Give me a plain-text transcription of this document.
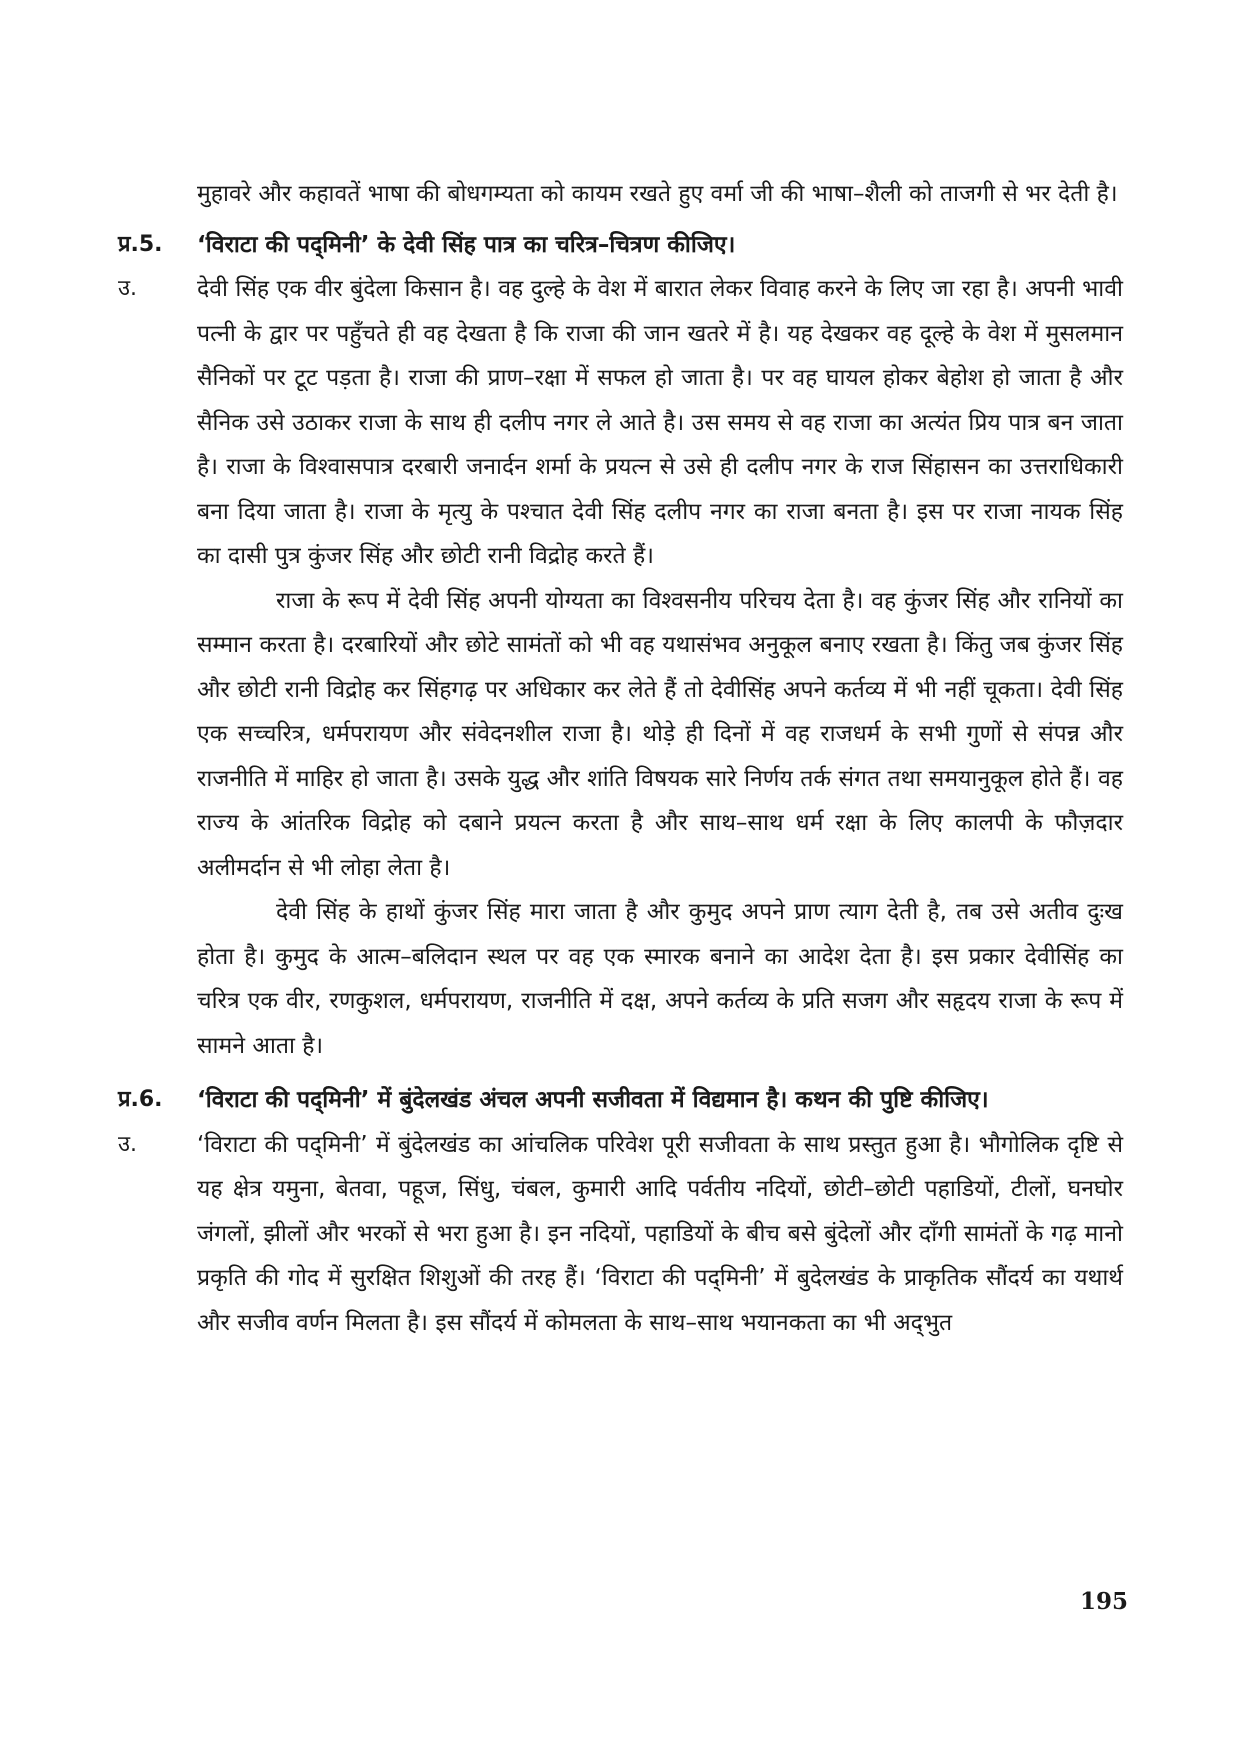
मुहावरे और कहावतें भाषा की बोधगम्यता को कायम रखते हुए वर्मा जी की भाषा–शैली को ताजगी से भर देती है।

प्र.5.	‘विराटा की पद्‌मिनी’ के देवी सिंह पात्र का चरित्र–चित्रण कीजिए।

उ.	देवी सिंह एक वीर बुंदेला किसान है। वह दुल्हे के वेश में बारात लेकर विवाह करने के लिए जा रहा है। अपनी भावी पत्नी के द्वार पर पहुँचते ही वह देखता है कि राजा की जान खतरे में है। यह देखकर वह दूल्हे के वेश में मुसलमान सैनिकों पर टूट पड़ता है। राजा की प्राण–रक्षा में सफल हो जाता है। पर वह घायल होकर बेहोश हो जाता है और सैनिक उसे उठाकर राजा के साथ ही दलीप नगर ले आते है। उस समय से वह राजा का अत्यंत प्रिय पात्र बन जाता है। राजा के विश्वासपात्र दरबारी जनार्दन शर्मा के प्रयत्न से उसे ही दलीप नगर के राज सिंहासन का उत्तराधिकारी बना दिया जाता है। राजा के मृत्यु के पश्चात देवी सिंह दलीप नगर का राजा बनता है। इस पर राजा नायक सिंह का दासी पुत्र कुंजर सिंह और छोटी रानी विद्रोह करते हैं।

राजा के रूप में देवी सिंह अपनी योग्यता का विश्वसनीय परिचय देता है। वह कुंजर सिंह और रानियों का सम्मान करता है। दरबारियों और छोटे सामंतों को भी वह यथासंभव अनुकूल बनाए रखता है। किंतु जब कुंजर सिंह और छोटी रानी विद्रोह कर सिंहगढ़ पर अधिकार कर लेते हैं तो देवीसिंह अपने कर्तव्य में भी नहीं चूकता। देवी सिंह एक सच्चरित्र, धर्मपरायण और संवेदनशील राजा है। थोड़े ही दिनों में वह राजधर्म के सभी गुणों से संपन्न और राजनीति में माहिर हो जाता है। उसके युद्ध और शांति विषयक सारे निर्णय तर्क संगत तथा समयानुकूल होते हैं। वह राज्य के आंतरिक विद्रोह को दबाने प्रयत्न करता है और साथ–साथ धर्म रक्षा के लिए कालपी के फौज़दार अलीमर्दान से भी लोहा लेता है।

देवी सिंह के हाथों कुंजर सिंह मारा जाता है और कुमुद अपने प्राण त्याग देती है, तब उसे अतीव दुःख होता है। कुमुद के आत्म–बलिदान स्थल पर वह एक स्मारक बनाने का आदेश देता है। इस प्रकार देवीसिंह का चरित्र एक वीर, रणकुशल, धर्मपरायण, राजनीति में दक्ष, अपने कर्तव्य के प्रति सजग और सहृदय राजा के रूप में सामने आता है।

प्र.6.	‘विराटा की पद्‌मिनी’ में बुंदेलखंड अंचल अपनी सजीवता में विद्यमान है। कथन की पुष्टि कीजिए।

उ.	‘विराटा की पद्‌मिनी’ में बुंदेलखंड का आंचलिक परिवेश पूरी सजीवता के साथ प्रस्तुत हुआ है। भौगोलिक दृष्टि से यह क्षेत्र यमुना, बेतवा, पहूज, सिंधु, चंबल, कुमारी आदि पर्वतीय नदियों, छोटी–छोटी पहाडियों, टीलों, घनघोर जंगलों, झीलों और भरकों से भरा हुआ है। इन नदियों, पहाडियों के बीच बसे बुंदेलों और दाँगी सामंतों के गढ़ मानो प्रकृति की गोद में सुरक्षित शिशुओं की तरह हैं। ‘विराटा की पद्‌मिनी’ में बुदेलखंड के प्राकृतिक सौंदर्य का यथार्थ और सजीव वर्णन मिलता है। इस सौंदर्य में कोमलता के साथ–साथ भयानकता का भी अद्‌भुत

195
